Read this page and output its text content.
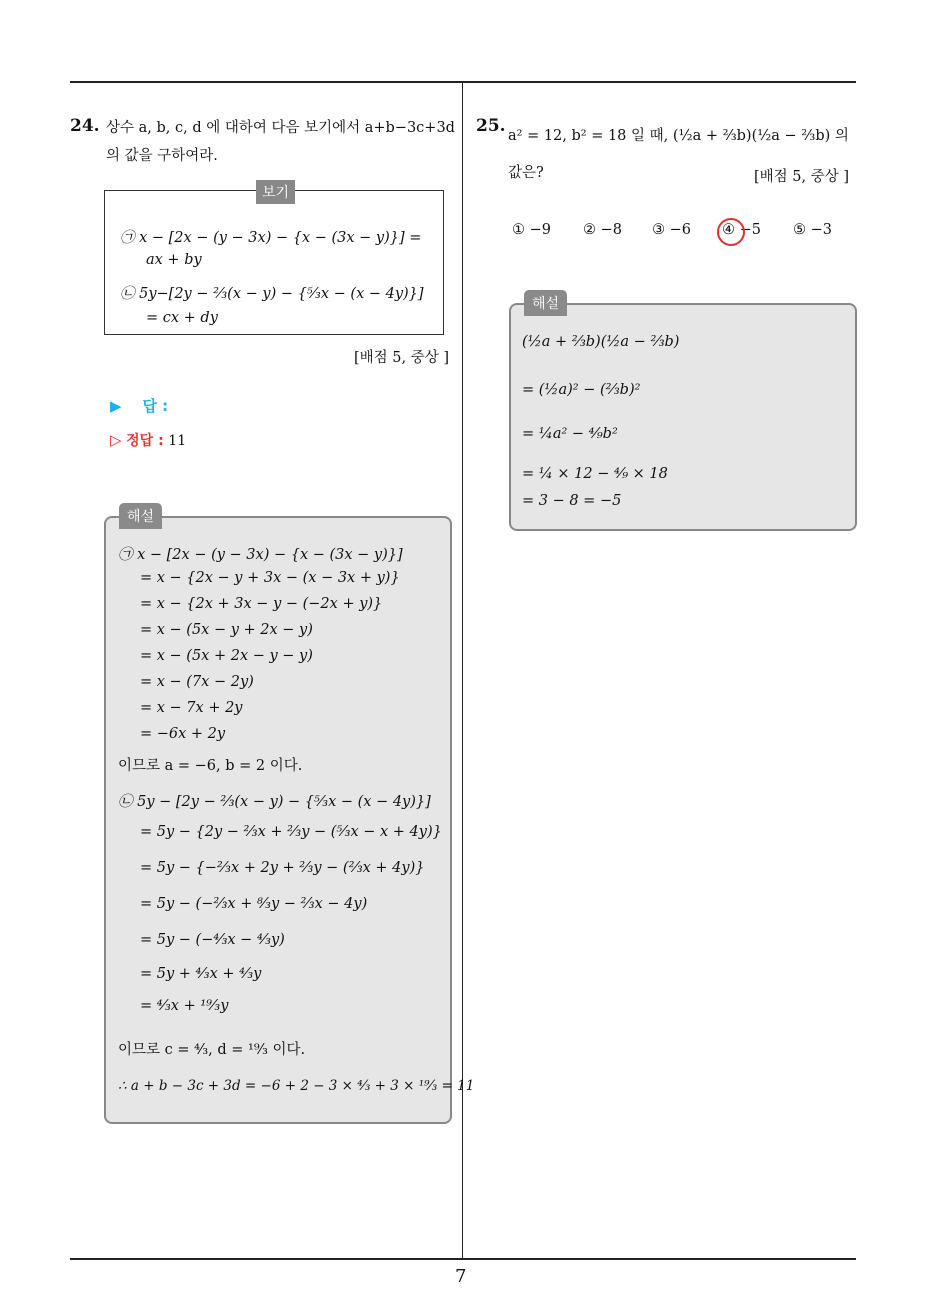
7
24. 상수 a, b, c, d 에 대하여 다음 보기에서 a+b−3c+3d
의 값을 구하여라.
보기
㉠ x − [2x − (y − 3x) − {x − (3x − y)}] =
ax + by
㉡ 5y−[2y − ⅔(x − y) − {⁵⁄₃x − (x − 4y)}]
= cx + dy
[배점 5, 중상 ]
▶ 답 :
▷ 정답 : 11
해설
㉠ x − [2x − (y − 3x) − {x − (3x − y)}]
= x − {2x − y + 3x − (x − 3x + y)}
= x − {2x + 3x − y − (−2x + y)}
= x − (5x − y + 2x − y)
= x − (5x + 2x − y − y)
= x − (7x − 2y)
= x − 7x + 2y
= −6x + 2y
이므로 a = −6, b = 2 이다.
㉡ 5y − [2y − ⅔(x − y) − {⁵⁄₃x − (x − 4y)}]
= 5y − {2y − ⅔x + ⅔y − (⁵⁄₃x − x + 4y)}
= 5y − {−⅔x + 2y + ⅔y − (⅔x + 4y)}
= 5y − (−⅔x + ⁸⁄₃y − ⅔x − 4y)
= 5y − (−⁴⁄₃x − ⁴⁄₃y)
= 5y + ⁴⁄₃x + ⁴⁄₃y
= ⁴⁄₃x + ¹⁹⁄₃y
이므로 c = ⁴⁄₃, d = ¹⁹⁄₃ 이다.
∴ a + b − 3c + 3d = −6 + 2 − 3 × ⁴⁄₃ + 3 × ¹⁹⁄₃ = 11
25. a² = 12, b² = 18 일 때, (½a + ⅔b)(½a − ⅔b) 의
값은?	[배점 5, 중상 ]
① −9 ② −8 ③ −6 ④ −5 ⑤ −3
해설
(½a + ⅔b)(½a − ⅔b)
= (½a)² − (⅔b)²
= ¼a² − ⁴⁄₉b²
= ¼ × 12 − ⁴⁄₉ × 18
= 3 − 8 = −5
